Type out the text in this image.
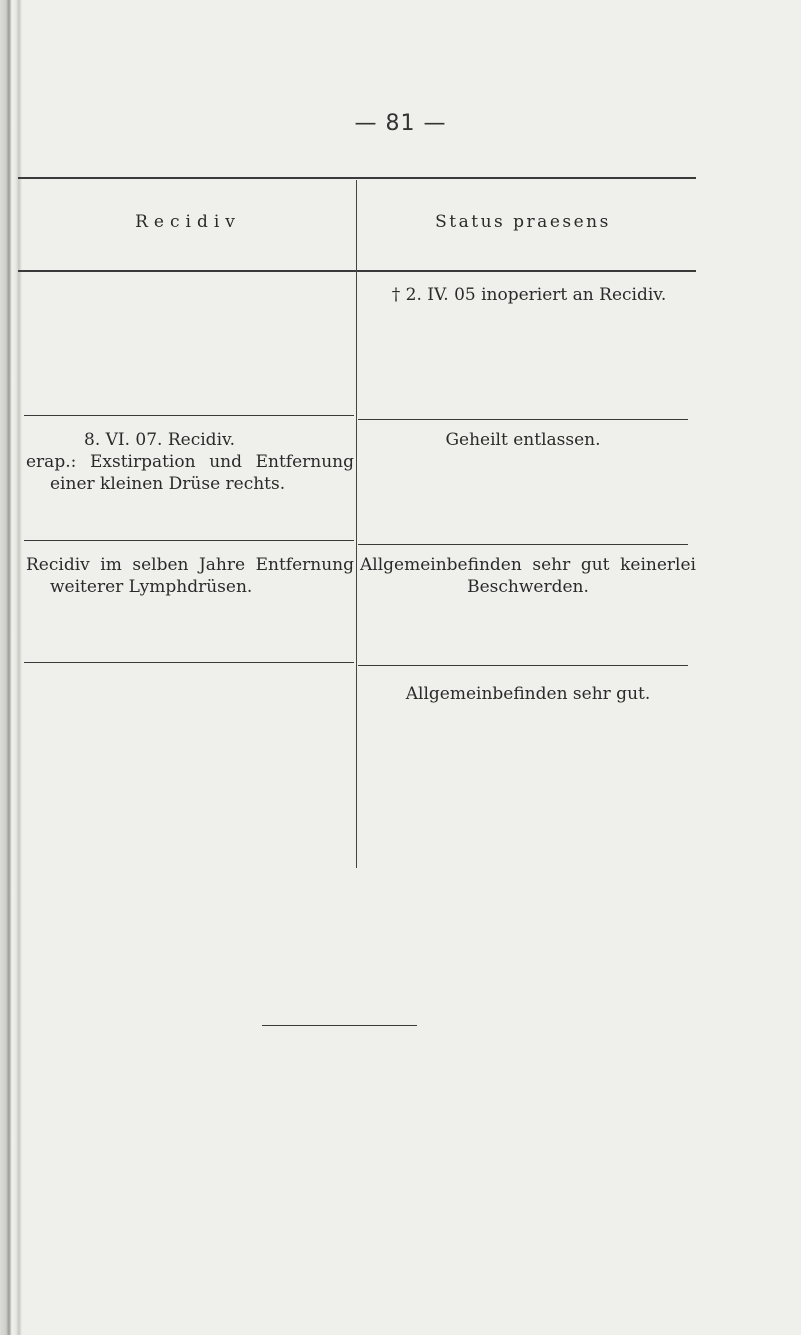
— 81 —
Recidiv	Status praesens
† 2. IV. 05 inoperiert an Recidiv.
8. VI. 07. Recidiv.
erap.: Exstirpation und Entfernung
einer kleinen Drüse rechts.
Geheilt entlassen.
Recidiv im selben Jahre Entfernung
weiterer Lymphdrüsen.
Allgemeinbefinden sehr gut keinerlei
Beschwerden.
Allgemeinbefinden sehr gut.
